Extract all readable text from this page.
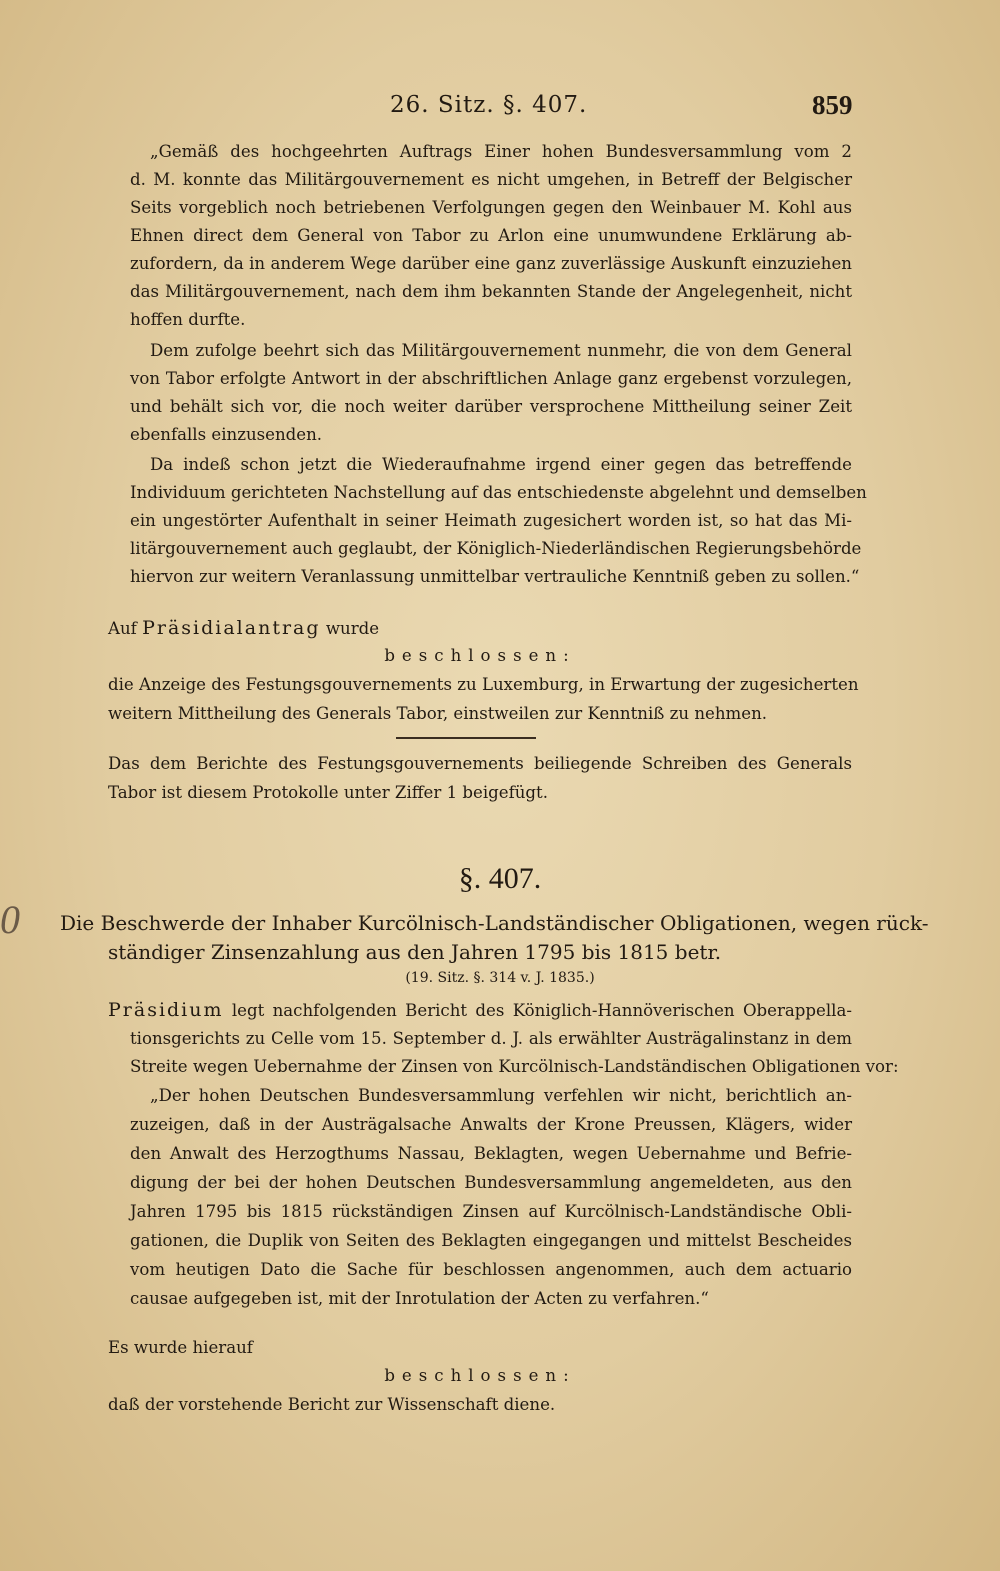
26. Sitz. §. 407.	859
„Gemäß des hochgeehrten Auftrags Einer hohen Bundesversammlung vom 2
d. M. konnte das Militärgouvernement es nicht umgehen, in Betreff der Belgischer
Seits vorgeblich noch betriebenen Verfolgungen gegen den Weinbauer M. Kohl aus
Ehnen direct dem General von Tabor zu Arlon eine unumwundene Erklärung ab-
zufordern, da in anderem Wege darüber eine ganz zuverlässige Auskunft einzuziehen
das Militärgouvernement, nach dem ihm bekannten Stande der Angelegenheit, nicht
hoffen durfte.
Dem zufolge beehrt sich das Militärgouvernement nunmehr, die von dem General
von Tabor erfolgte Antwort in der abschriftlichen Anlage ganz ergebenst vorzulegen,
und behält sich vor, die noch weiter darüber versprochene Mittheilung seiner Zeit
ebenfalls einzusenden.
Da indeß schon jetzt die Wiederaufnahme irgend einer gegen das betreffende
Individuum gerichteten Nachstellung auf das entschiedenste abgelehnt und demselben
ein ungestörter Aufenthalt in seiner Heimath zugesichert worden ist, so hat das Mi-
litärgouvernement auch geglaubt, der Königlich-Niederländischen Regierungsbehörde
hiervon zur weitern Veranlassung unmittelbar vertrauliche Kenntniß geben zu sollen.“
Auf Präsidialantrag wurde
beschlossen:
die Anzeige des Festungsgouvernements zu Luxemburg, in Erwartung der zugesicherten
weitern Mittheilung des Generals Tabor, einstweilen zur Kenntniß zu nehmen.
Das dem Berichte des Festungsgouvernements beiliegende Schreiben des Generals
Tabor ist diesem Protokolle unter Ziffer 1 beigefügt.
§. 407.
0 Die Beschwerde der Inhaber Kurcölnisch-Landständischer Obligationen, wegen rück-
ständiger Zinsenzahlung aus den Jahren 1795 bis 1815 betr.
(19. Sitz. §. 314 v. J. 1835.)
Präsidium legt nachfolgenden Bericht des Königlich-Hannöverischen Oberappella-
tionsgerichts zu Celle vom 15. September d. J. als erwählter Austrägalinstanz in dem
Streite wegen Uebernahme der Zinsen von Kurcölnisch-Landständischen Obligationen vor:
„Der hohen Deutschen Bundesversammlung verfehlen wir nicht, berichtlich an-
zuzeigen, daß in der Austrägalsache Anwalts der Krone Preussen, Klägers, wider
den Anwalt des Herzogthums Nassau, Beklagten, wegen Uebernahme und Befrie-
digung der bei der hohen Deutschen Bundesversammlung angemeldeten, aus den
Jahren 1795 bis 1815 rückständigen Zinsen auf Kurcölnisch-Landständische Obli-
gationen, die Duplik von Seiten des Beklagten eingegangen und mittelst Bescheides
vom heutigen Dato die Sache für beschlossen angenommen, auch dem actuario
causae aufgegeben ist, mit der Inrotulation der Acten zu verfahren.“
Es wurde hierauf
beschlossen:
daß der vorstehende Bericht zur Wissenschaft diene.
